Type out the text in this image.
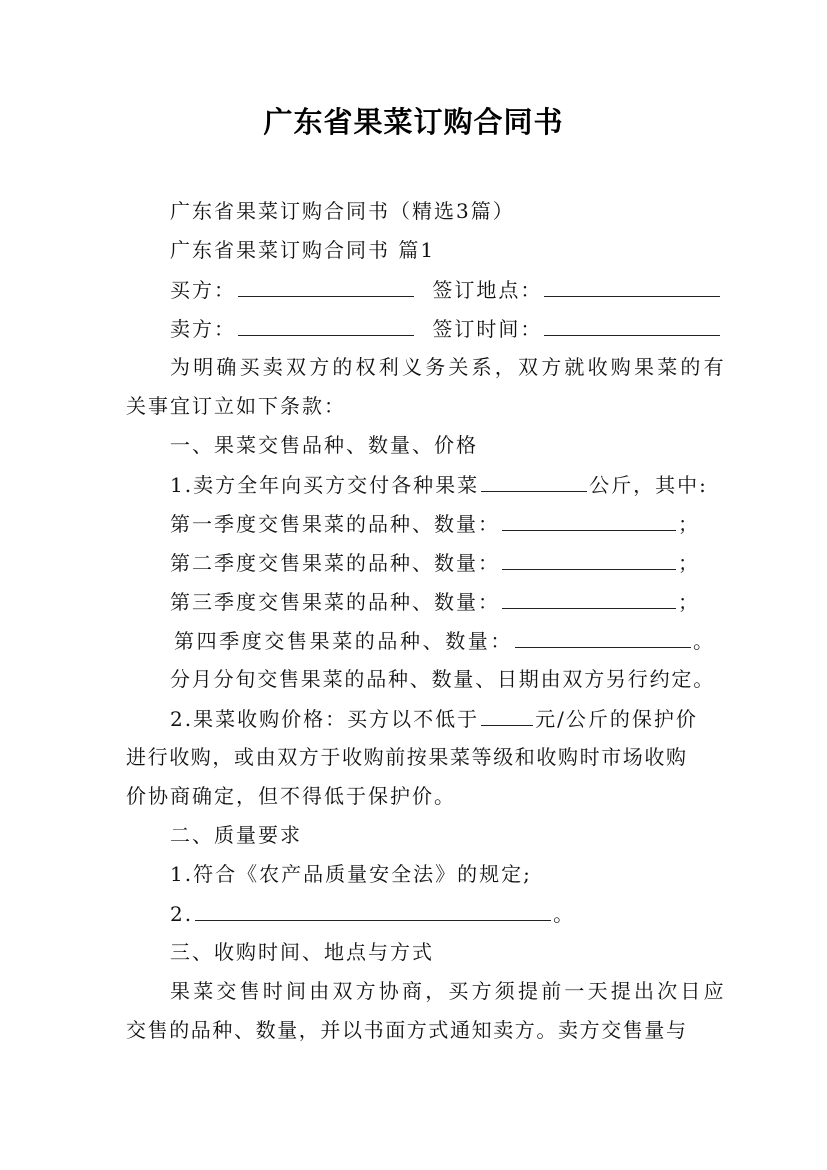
广东省果菜订购合同书
广东省果菜订购合同书（精选3篇）
广东省果菜订购合同书 篇1
买方：	签订地点：
卖方：	签订时间：
为明确买卖双方的权利义务关系，双方就收购果菜的有
关事宜订立如下条款：
一、果菜交售品种、数量、价格
1.卖方全年向买方交付各种果菜	公斤，其中:
第一季度交售果菜的品种、数量：	；
第二季度交售果菜的品种、数量：	；
第三季度交售果菜的品种、数量：	；
第四季度交售果菜的品种、数量：	。
分月分旬交售果菜的品种、数量、日期由双方另行约定。
2.果菜收购价格：买方以不低于	元/公斤的保护价
进行收购，或由双方于收购前按果菜等级和收购时市场收购
价协商确定，但不得低于保护价。
二、质量要求
1.符合《农产品质量安全法》的规定;
2.	。
三、收购时间、地点与方式
果菜交售时间由双方协商，买方须提前一天提出次日应
交售的品种、数量，并以书面方式通知卖方。卖方交售量与
